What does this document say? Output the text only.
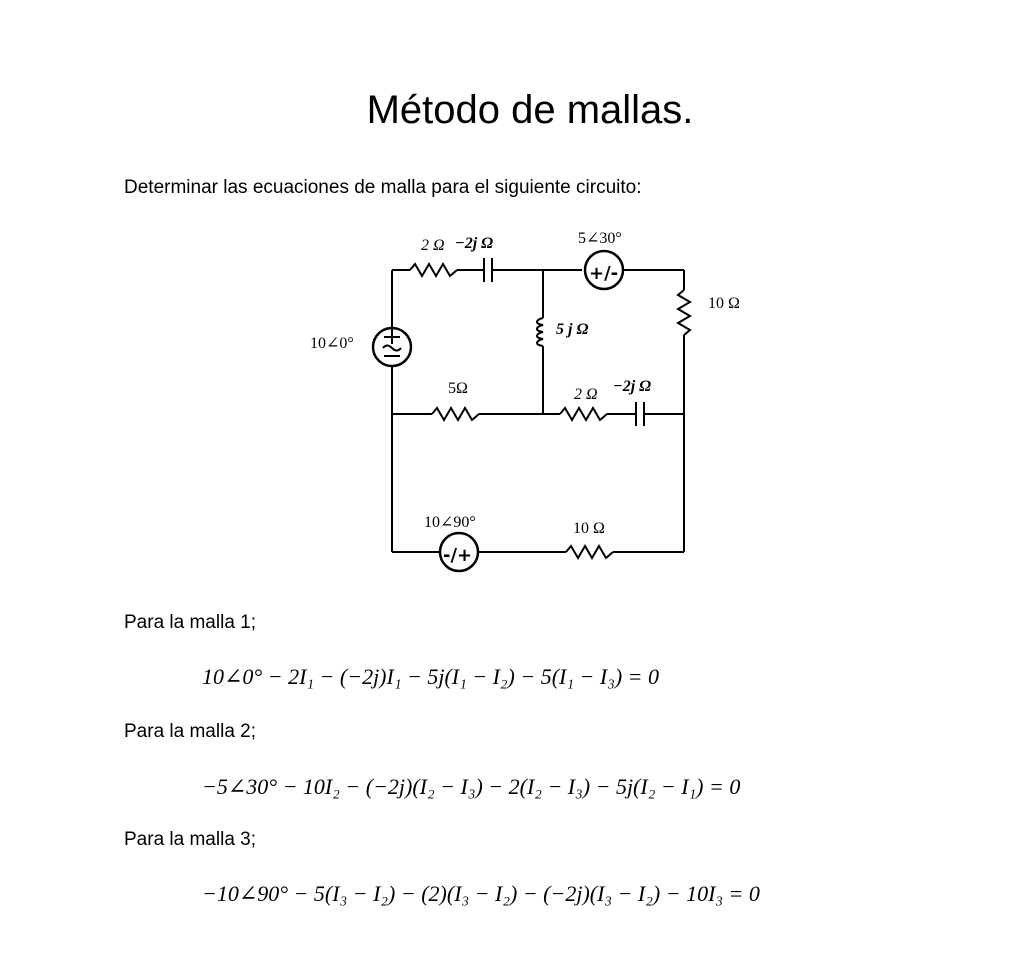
Método de mallas.
Determinar las ecuaciones de malla para el siguiente circuito:
+/-
-/+
2 Ω −2j Ω	5∠30°
10 Ω
10∠0°
5 j Ω
5Ω	2 Ω −2j Ω
10∠90°	10 Ω
Para la malla 1;
10∠0° − 2I₁ − (−2j)I₁ − 5j(I₁ − I₂) − 5(I₁ − I₃) = 0
Para la malla 2;
−5∠30° − 10I₂ − (−2j)(I₂ − I₃) − 2(I₂ − I₃) − 5j(I₂ − I₁) = 0
Para la malla 3;
−10∠90° − 5(I₃ − I₂) − (2)(I₃ − I₂) − (−2j)(I₃ − I₂) − 10I₃ = 0
